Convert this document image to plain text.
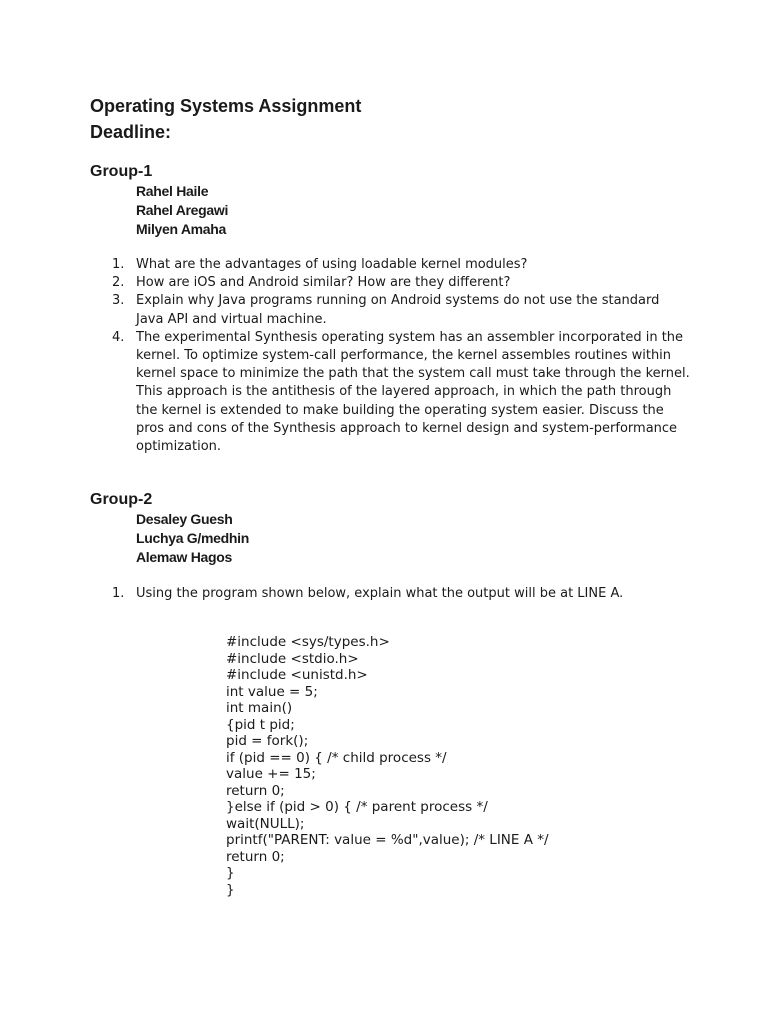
Operating Systems Assignment
Deadline:
Group-1
Rahel Haile
Rahel Aregawi
Milyen Amaha
1. What are the advantages of using loadable kernel modules?
2. How are iOS and Android similar? How are they different?
3. Explain why Java programs running on Android systems do not use the standard Java API and virtual machine.
4. The experimental Synthesis operating system has an assembler incorporated in the kernel. To optimize system-call performance, the kernel assembles routines within kernel space to minimize the path that the system call must take through the kernel. This approach is the antithesis of the layered approach, in which the path through the kernel is extended to make building the operating system easier. Discuss the pros and cons of the Synthesis approach to kernel design and system-performance optimization.
Group-2
Desaley Guesh
Luchya G/medhin
Alemaw Hagos
1. Using the program shown below, explain what the output will be at LINE A.
#include <sys/types.h>
#include <stdio.h>
#include <unistd.h>
int value = 5;
int main()
{pid t pid;
pid = fork();
if (pid == 0) { /* child process */
value += 15;
return 0;
}else if (pid > 0) { /* parent process */
wait(NULL);
printf("PARENT: value = %d",value); /* LINE A */
return 0;
}
}
